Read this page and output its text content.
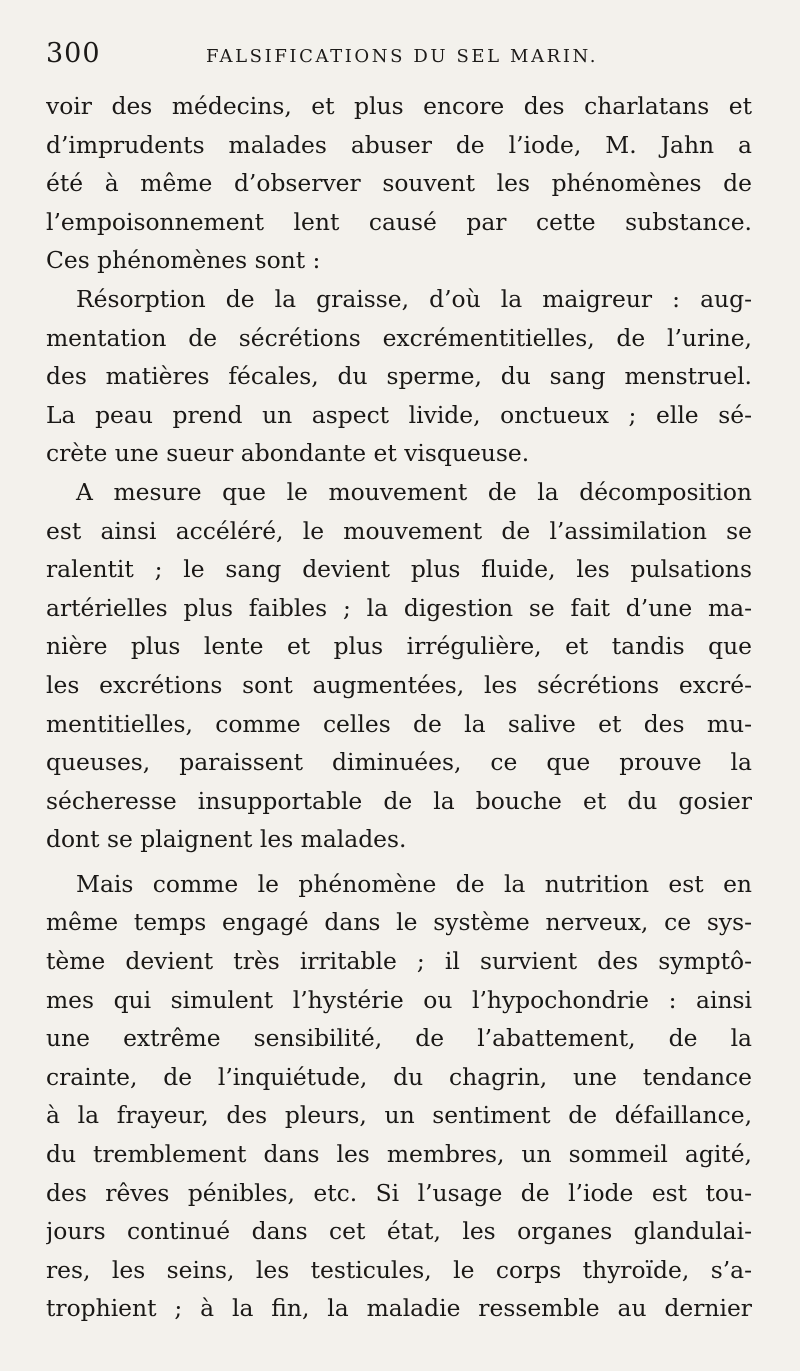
300	FALSIFICATIONS DU SEL MARIN.
voir des médecins, et plus encore des charlatans et
d’imprudents malades abuser de l’iode, M. Jahn a
été à même d’observer souvent les phénomènes de
l’empoisonnement lent causé par cette substance.
Ces phénomènes sont :
Résorption de la graisse, d’où la maigreur : aug-
mentation de sécrétions excrémentitielles, de l’urine,
des matières fécales, du sperme, du sang menstruel.
La peau prend un aspect livide, onctueux ; elle sé-
crète une sueur abondante et visqueuse.
A mesure que le mouvement de la décomposition
est ainsi accéléré, le mouvement de l’assimilation se
ralentit ; le sang devient plus fluide, les pulsations
artérielles plus faibles ; la digestion se fait d’une ma-
nière plus lente et plus irrégulière, et tandis que
les excrétions sont augmentées, les sécrétions excré-
mentitielles, comme celles de la salive et des mu-
queuses, paraissent diminuées, ce que prouve la
sécheresse insupportable de la bouche et du gosier
dont se plaignent les malades.
Mais comme le phénomène de la nutrition est en
même temps engagé dans le système nerveux, ce sys-
tème devient très irritable ; il survient des symptô-
mes qui simulent l’hystérie ou l’hypochondrie : ainsi
une extrême sensibilité, de l’abattement, de la
crainte, de l’inquiétude, du chagrin, une tendance
à la frayeur, des pleurs, un sentiment de défaillance,
du tremblement dans les membres, un sommeil agité,
des rêves pénibles, etc. Si l’usage de l’iode est tou-
jours continué dans cet état, les organes glandulai-
res, les seins, les testicules, le corps thyroïde, s’a-
trophient ; à la fin, la maladie ressemble au dernier
